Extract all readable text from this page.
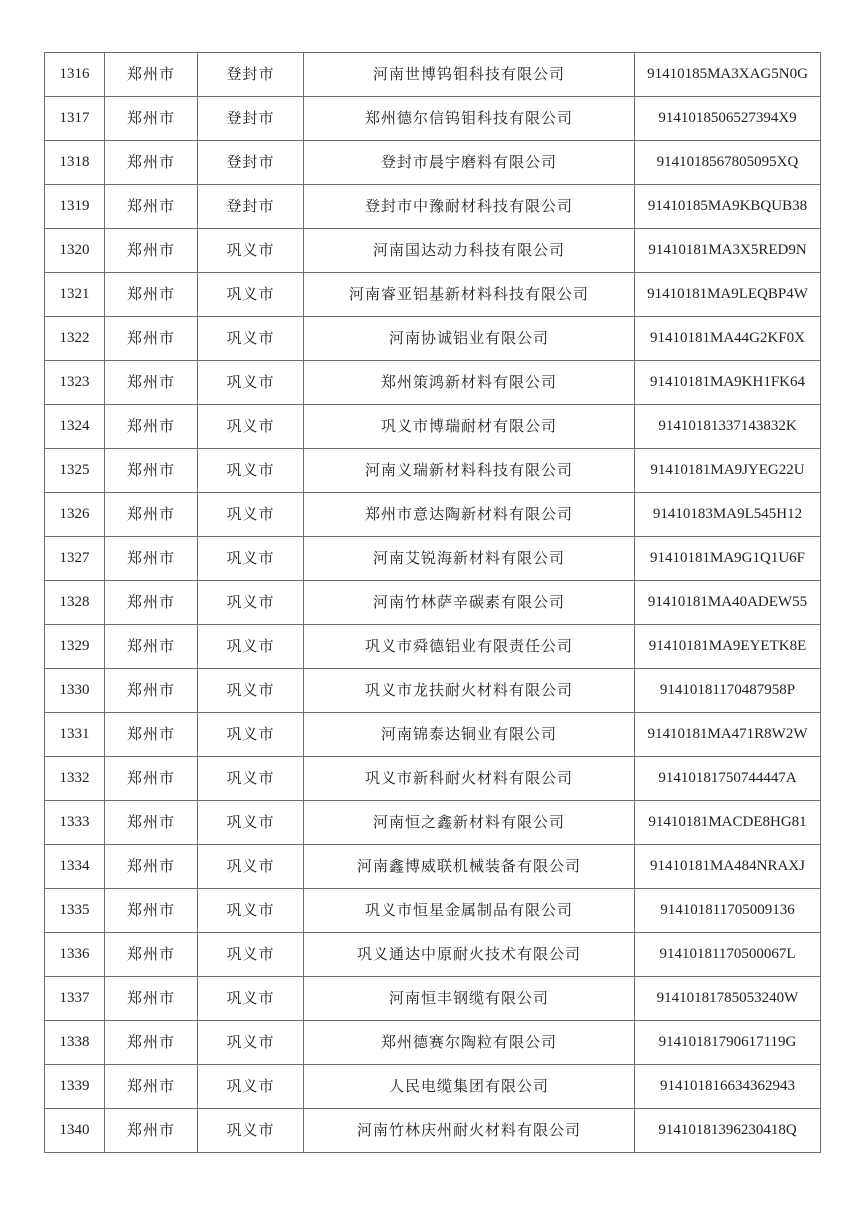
1316	郑州市	登封市	河南世博钨钼科技有限公司	91410185MA3XAG5N0G
1317	郑州市	登封市	郑州德尔信钨钼科技有限公司	9141018506527394X9
1318	郑州市	登封市	登封市晨宇磨料有限公司	9141018567805095XQ
1319	郑州市	登封市	登封市中豫耐材科技有限公司	91410185MA9KBQUB38
1320	郑州市	巩义市	河南国达动力科技有限公司	91410181MA3X5RED9N
1321	郑州市	巩义市	河南睿亚铝基新材料科技有限公司	91410181MA9LEQBP4W
1322	郑州市	巩义市	河南协诚铝业有限公司	91410181MA44G2KF0X
1323	郑州市	巩义市	郑州策鸿新材料有限公司	91410181MA9KH1FK64
1324	郑州市	巩义市	巩义市博瑞耐材有限公司	91410181337143832K
1325	郑州市	巩义市	河南义瑞新材料科技有限公司	91410181MA9JYEG22U
1326	郑州市	巩义市	郑州市意达陶新材料有限公司	91410183MA9L545H12
1327	郑州市	巩义市	河南艾锐海新材料有限公司	91410181MA9G1Q1U6F
1328	郑州市	巩义市	河南竹林萨辛碳素有限公司	91410181MA40ADEW55
1329	郑州市	巩义市	巩义市舜德铝业有限责任公司	91410181MA9EYETK8E
1330	郑州市	巩义市	巩义市龙扶耐火材料有限公司	91410181170487958P
1331	郑州市	巩义市	河南锦泰达铜业有限公司	91410181MA471R8W2W
1332	郑州市	巩义市	巩义市新科耐火材料有限公司	91410181750744447A
1333	郑州市	巩义市	河南恒之鑫新材料有限公司	91410181MACDE8HG81
1334	郑州市	巩义市	河南鑫博威联机械装备有限公司	91410181MA484NRAXJ
1335	郑州市	巩义市	巩义市恒星金属制品有限公司	914101811705009136
1336	郑州市	巩义市	巩义通达中原耐火技术有限公司	91410181170500067L
1337	郑州市	巩义市	河南恒丰钢缆有限公司	91410181785053240W
1338	郑州市	巩义市	郑州德赛尔陶粒有限公司	91410181790617119G
1339	郑州市	巩义市	人民电缆集团有限公司	914101816634362943
1340	郑州市	巩义市	河南竹林庆州耐火材料有限公司	91410181396230418Q
